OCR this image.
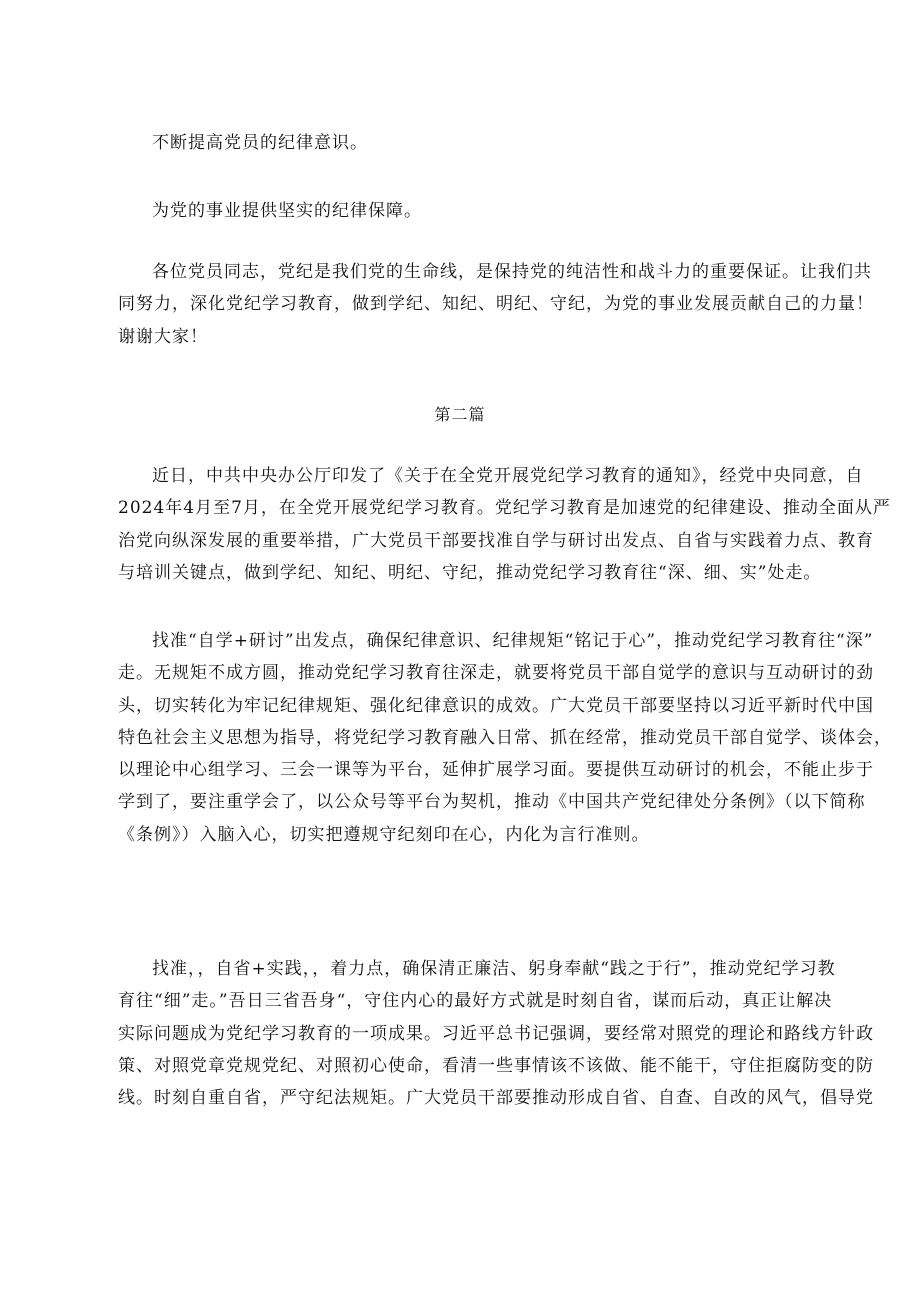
不断提高党员的纪律意识。

为党的事业提供坚实的纪律保障。

各位党员同志，党纪是我们党的生命线，是保持党的纯洁性和战斗力的重要保证。让我们共
同努力，深化党纪学习教育，做到学纪、知纪、明纪、守纪，为党的事业发展贡献自己的力量！
谢谢大家！

第二篇

近日，中共中央办公厅印发了《关于在全党开展党纪学习教育的通知》，经党中央同意，自
2024年4月至7月，在全党开展党纪学习教育。党纪学习教育是加速党的纪律建设、推动全面从严
治党向纵深发展的重要举措，广大党员干部要找准自学与研讨出发点、自省与实践着力点、教育
与培训关键点，做到学纪、知纪、明纪、守纪，推动党纪学习教育往“深、细、实”处走。

找准“自学+研讨”出发点，确保纪律意识、纪律规矩“铭记于心”，推动党纪学习教育往“深”
走。无规矩不成方圆，推动党纪学习教育往深走，就要将党员干部自觉学的意识与互动研讨的劲
头，切实转化为牢记纪律规矩、强化纪律意识的成效。广大党员干部要坚持以习近平新时代中国
特色社会主义思想为指导，将党纪学习教育融入日常、抓在经常，推动党员干部自觉学、谈体会，
以理论中心组学习、三会一课等为平台，延伸扩展学习面。要提供互动研讨的机会，不能止步于
学到了，要注重学会了，以公众号等平台为契机，推动《中国共产党纪律处分条例》（以下简称
《条例》）入脑入心，切实把遵规守纪刻印在心，内化为言行准则。

找准，，自省+实践，，着力点，确保清正廉洁、躬身奉献“践之于行”，推动党纪学习教
育往“细”走。”吾日三省吾身“，守住内心的最好方式就是时刻自省，谋而后动，真正让解决
实际问题成为党纪学习教育的一项成果。习近平总书记强调，要经常对照党的理论和路线方针政
策、对照党章党规党纪、对照初心使命，看清一些事情该不该做、能不能干，守住拒腐防变的防
线。时刻自重自省，严守纪法规矩。广大党员干部要推动形成自省、自查、自改的风气，倡导党
